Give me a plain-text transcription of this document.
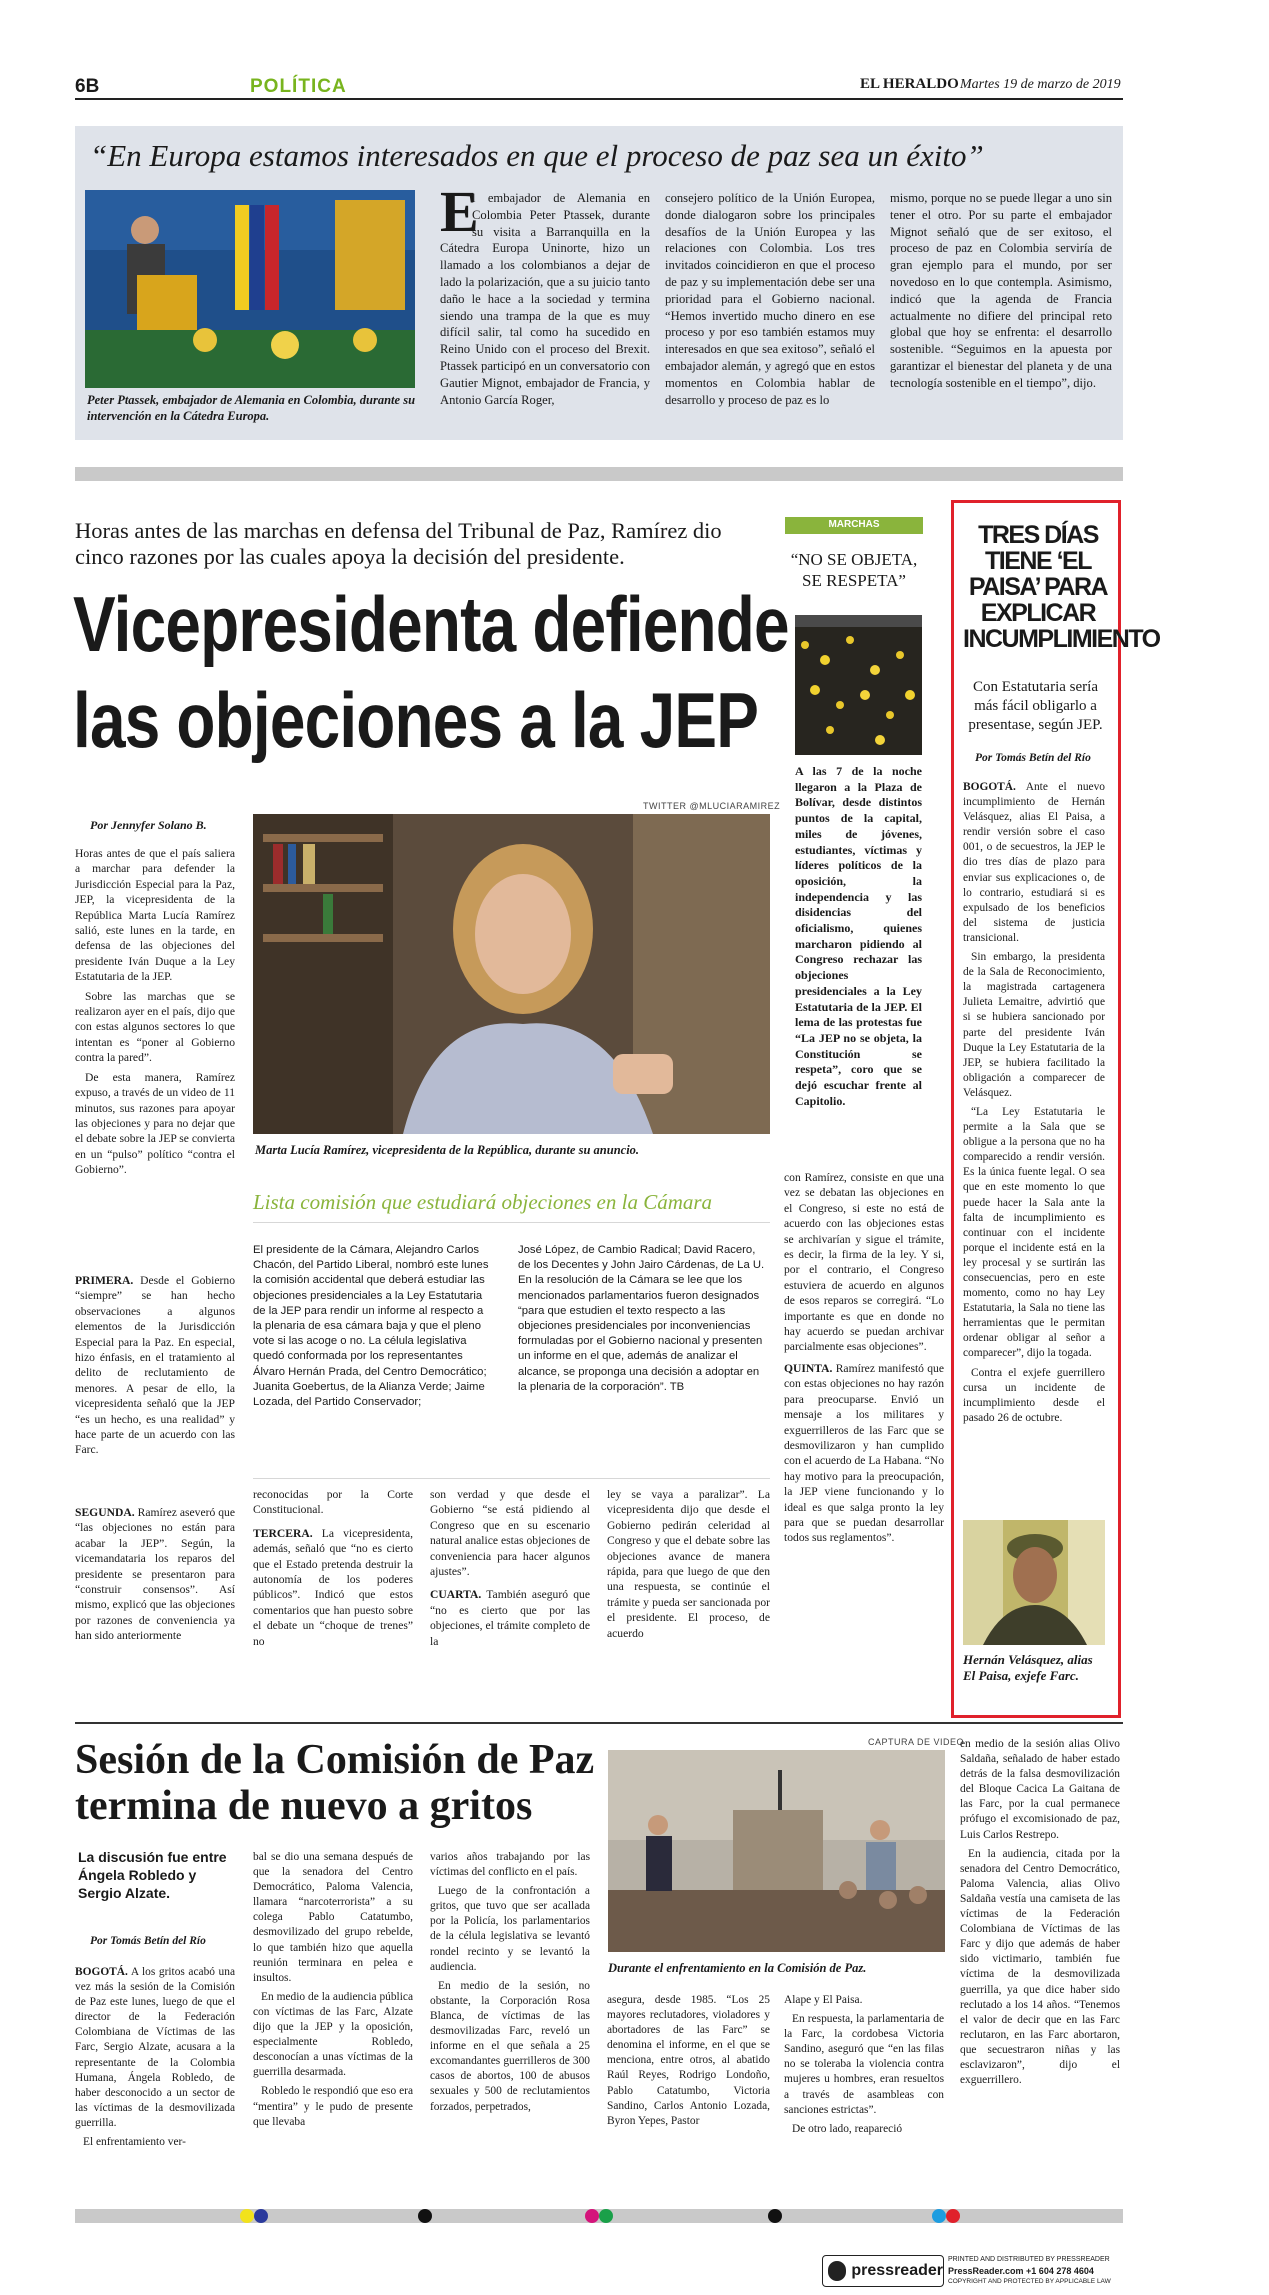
6B	POLÍTICA	EL HERALDO Martes 19 de marzo de 2019
“En Europa estamos interesados en que el proceso de paz sea un éxito”
Peter Ptassek, embajador de Alemania en Colombia, durante su intervención en la Cátedra Europa.
E
l embajador de Alemania en Colombia Peter Ptassek, durante su visita a Barranquilla en la Cátedra Europa Uninorte, hizo un llamado a los colombianos a dejar de lado la polarización, que a su juicio tanto daño le hace a la sociedad y termina siendo una trampa de la que es muy difícil salir, tal como ha sucedido en Reino Unido con el proceso del Brexit. Ptassek participó en un conversatorio con Gautier Mignot, embajador de Francia, y Antonio García Roger,
consejero político de la Unión Europea, donde dialogaron sobre los principales desafíos de la Unión Europea y las relaciones con Colombia. Los tres invitados coincidieron en que el proceso de paz y su implementación debe ser una prioridad para el Gobierno nacional. “Hemos invertido mucho dinero en ese proceso y por eso también estamos muy interesados en que sea exitoso”, señaló el embajador alemán, y agregó que en estos momentos en Colombia hablar de desarrollo y proceso de paz es lo
mismo, porque no se puede llegar a uno sin tener el otro. Por su parte el embajador Mignot señaló que de ser exitoso, el proceso de paz en Colombia serviría de gran ejemplo para el mundo, por ser novedoso en lo que contempla. Asimismo, indicó que la agenda de Francia actualmente no difiere del principal reto global que hoy se enfrenta: el desarrollo sostenible. “Seguimos en la apuesta por garantizar el bienestar del planeta y de una tecnología sostenible en el tiempo”, dijo.
Horas antes de las marchas en defensa del Tribunal de Paz, Ramírez dio cinco razones por las cuales apoya la decisión del presidente.
Vicepresidenta defiende
las objeciones a la JEP
Por Jennyfer Solano B.

Horas antes de que el país saliera a marchar para defender la Jurisdicción Especial para la Paz, JEP, la vicepresidenta de la República Marta Lucía Ramírez salió, este lunes en la tarde, en defensa de las objeciones del presidente Iván Duque a la Ley Estatutaria de la JEP.

Sobre las marchas que se realizaron ayer en el país, dijo que con estas algunos sectores lo que intentan es “poner al Gobierno contra la pared”.

De esta manera, Ramírez expuso, a través de un video de 11 minutos, sus razones para apoyar las objeciones y para no dejar que el debate sobre la JEP se convierta en un “pulso” político “contra el Gobierno”.

PRIMERA. Desde el Gobierno “siempre” se han hecho observaciones a algunos elementos de la Jurisdicción Especial para la Paz. En especial, hizo énfasis, en el tratamiento al delito de reclutamiento de menores. A pesar de ello, la vicepresidenta señaló que la JEP “es un hecho, es una realidad” y hace parte de un acuerdo con las Farc.

SEGUNDA. Ramírez aseveró que “las objeciones no están para acabar la JEP”. Según, la vicemandataria los reparos del presidente se presentaron para “construir consensos”. Así mismo, explicó que las objeciones por razones de conveniencia ya han sido anteriormente

TWITTER @MLUCIARAMIREZ
Marta Lucía Ramírez, vicepresidenta de la República, durante su anuncio.
Lista comisión que estudiará objeciones en la Cámara
El presidente de la Cámara, Alejandro Carlos Chacón, del Partido Liberal, nombró este lunes la comisión accidental que deberá estudiar las objeciones presidenciales a la Ley Estatutaria de la JEP para rendir un informe al respecto a la plenaria de esa cámara baja y que el pleno vote si las acoge o no. La célula legislativa quedó conformada por los representantes Álvaro Hernán Prada, del Centro Democrático; Juanita Goebertus, de la Alianza Verde; Jaime Lozada, del Partido Conservador;
José López, de Cambio Radical; David Racero, de los Decentes y John Jairo Cárdenas, de La U. En la resolución de la Cámara se lee que los mencionados parlamentarios fueron designados “para que estudien el texto respecto a las objeciones presidenciales por inconveniencias formuladas por el Gobierno nacional y presenten un informe en el que, además de analizar el alcance, se proponga una decisión a adoptar en la plenaria de la corporación”. TB

reconocidas por la Corte Constitucional.

TERCERA. La vicepresidenta, además, señaló que “no es cierto que el Estado pretenda destruir la autonomía de los poderes públicos”. Indicó que estos comentarios que han puesto sobre el debate un “choque de trenes” no

son verdad y que desde el Gobierno “se está pidiendo al Congreso que en su escenario natural analice estas objeciones de conveniencia para hacer algunos ajustes”.

CUARTA. También aseguró que “no es cierto que por las objeciones, el trámite completo de la

ley se vaya a paralizar”. La vicepresidenta dijo que desde el Gobierno pedirán celeridad al Congreso y que el debate sobre las objeciones avance de manera rápida, para que luego de que den una respuesta, se continúe el trámite y pueda ser sancionada por el presidente. El proceso, de acuerdo

con Ramírez, consiste en que una vez se debatan las objeciones en el Congreso, si este no está de acuerdo con las objeciones estas se archivarían y sigue el trámite, es decir, la firma de la ley. Y si, por el contrario, el Congreso estuviera de acuerdo en algunos de esos reparos se corregirá. “Lo importante es que en donde no hay acuerdo se puedan archivar parcialmente esas objeciones”.

QUINTA. Ramírez manifestó que con estas objeciones no hay razón para preocuparse. Envió un mensaje a los militares y exguerrilleros de las Farc que se desmovilizaron y han cumplido con el acuerdo de La Habana. “No hay motivo para la preocupación, la JEP viene funcionando y lo ideal es que salga pronto la ley para que se puedan desarrollar todos sus reglamentos”.

MARCHAS
“NO SE OBJETA, SE RESPETA”
A las 7 de la noche llegaron a la Plaza de Bolívar, desde distintos puntos de la capital, miles de jóvenes, estudiantes, víctimas y líderes políticos de la oposición, la independencia y las disidencias del oficialismo, quienes marcharon pidiendo al Congreso rechazar las objeciones presidenciales a la Ley Estatutaria de la JEP. El lema de las protestas fue “La JEP no se objeta, la Constitución se respeta”, coro que se dejó escuchar frente al Capitolio.
TRES DÍAS TIENE ‘EL PAISA’ PARA EXPLICAR INCUMPLIMIENTO
Con Estatutaria sería más fácil obligarlo a presentase, según JEP.
Por Tomás Betín del Río

BOGOTÁ. Ante el nuevo incumplimiento de Hernán Velásquez, alias El Paisa, a rendir versión sobre el caso 001, o de secuestros, la JEP le dio tres días de plazo para enviar sus explicaciones o, de lo contrario, estudiará si es expulsado de los beneficios del sistema de justicia transicional.

Sin embargo, la presidenta de la Sala de Reconocimiento, la magistrada cartagenera Julieta Lemaitre, advirtió que si se hubiera sancionado por parte del presidente Iván Duque la Ley Estatutaria de la JEP, se hubiera facilitado la obligación a comparecer de Velásquez.

“La Ley Estatutaria le permite a la Sala que se obligue a la persona que no ha comparecido a rendir versión. Es la única fuente legal. O sea que en este momento lo que puede hacer la Sala ante la falta de incumplimiento es continuar con el incidente porque el incidente está en la ley procesal y se surtirán las consecuencias, pero en este momento, como no hay Ley Estatutaria, la Sala no tiene las herramientas que le permitan ordenar obligar al señor a comparecer”, dijo la togada.

Contra el exjefe guerrillero cursa un incidente de incumplimiento desde el pasado 26 de octubre.

Hernán Velásquez, alias El Paisa, exjefe Farc.
Sesión de la Comisión de Paz
termina de nuevo a gritos
La discusión fue entre Ángela Robledo y Sergio Alzate.
Por Tomás Betín del Río

BOGOTÁ. A los gritos acabó una vez más la sesión de la Comisión de Paz este lunes, luego de que el director de la Federación Colombiana de Víctimas de las Farc, Sergio Alzate, acusara a la representante de la Colombia Humana, Ángela Robledo, de haber desconocido a un sector de las víctimas de la desmovilizada guerrilla.

El enfrentamiento ver-

bal se dio una semana después de que la senadora del Centro Democrático, Paloma Valencia, llamara “narcoterrorista” a su colega Pablo Catatumbo, desmovilizado del grupo rebelde, lo que también hizo que aquella reunión terminara en pelea e insultos.

En medio de la audiencia pública con víctimas de las Farc, Alzate dijo que la JEP y la oposición, especialmente Robledo, desconocían a unas víctimas de la guerrilla desarmada.

Robledo le respondió que eso era “mentira” y le pudo de presente que llevaba

varios años trabajando por las víctimas del conflicto en el país.

Luego de la confrontación a gritos, que tuvo que ser acallada por la Policía, los parlamentarios de la célula legislativa se levantó rondel recinto y se levantó la audiencia.

En medio de la sesión, no obstante, la Corporación Rosa Blanca, de víctimas de las desmovilizadas Farc, reveló un informe en el que señala a 25 excomandantes guerrilleros de 300 casos de abortos, 100 de abusos sexuales y 500 de reclutamientos forzados, perpetrados,

CAPTURA DE VIDEO
Durante el enfrentamiento en la Comisión de Paz.
asegura, desde 1985. “Los 25 mayores reclutadores, violadores y abortadores de las Farc” se denomina el informe, en el que se menciona, entre otros, al abatido Raúl Reyes, Rodrigo Londoño, Pablo Catatumbo, Victoria Sandino, Carlos Antonio Lozada, Byron Yepes, Pastor

Alape y El Paisa.

En respuesta, la parlamentaria de la Farc, la cordobesa Victoria Sandino, aseguró que “en las filas no se toleraba la violencia contra mujeres u hombres, eran resueltos a través de asambleas con sanciones estrictas”.

De otro lado, reapareció

en medio de la sesión alias Olivo Saldaña, señalado de haber estado detrás de la falsa desmovilización del Bloque Cacica La Gaitana de las Farc, por la cual permanece prófugo el excomisionado de paz, Luis Carlos Restrepo.

En la audiencia, citada por la senadora del Centro Democrático, Paloma Valencia, alias Olivo Saldaña vestía una camiseta de las víctimas de la Federación Colombiana de Víctimas de las Farc y dijo que además de haber sido victimario, también fue víctima de la desmovilizada guerrilla, ya que dice haber sido reclutado a los 14 años. “Tenemos el valor de decir que en las Farc reclutaron, en las Farc abortaron, que secuestraron niñas y las esclavizaron”, dijo el exguerrillero.

pressreader
PRINTED AND DISTRIBUTED BY PRESSREADER
PressReader.com +1 604 278 4604
COPYRIGHT AND PROTECTED BY APPLICABLE LAW
